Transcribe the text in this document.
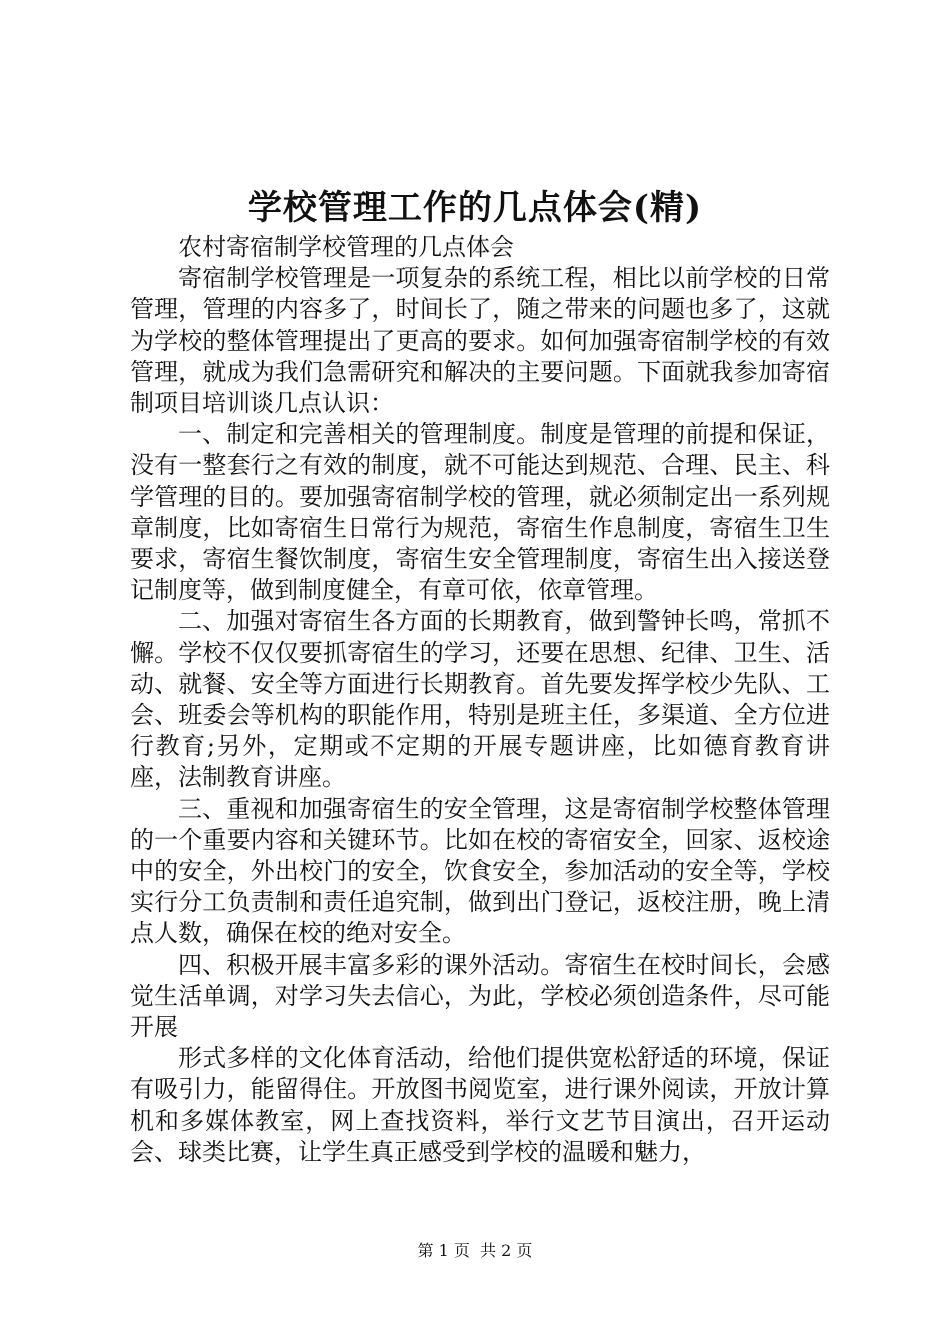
学校管理工作的几点体会(精)

农村寄宿制学校管理的几点体会

寄宿制学校管理是一项复杂的系统工程，相比以前学校的日常管理，管理的内容多了，时间长了，随之带来的问题也多了，这就为学校的整体管理提出了更高的要求。如何加强寄宿制学校的有效管理，就成为我们急需研究和解决的主要问题。下面就我参加寄宿制项目培训谈几点认识：

一、制定和完善相关的管理制度。制度是管理的前提和保证，没有一整套行之有效的制度，就不可能达到规范、合理、民主、科学管理的目的。要加强寄宿制学校的管理，就必须制定出一系列规章制度，比如寄宿生日常行为规范，寄宿生作息制度，寄宿生卫生要求，寄宿生餐饮制度，寄宿生安全管理制度，寄宿生出入接送登记制度等，做到制度健全，有章可依，依章管理。

二、加强对寄宿生各方面的长期教育，做到警钟长鸣，常抓不懈。学校不仅仅要抓寄宿生的学习，还要在思想、纪律、卫生、活动、就餐、安全等方面进行长期教育。首先要发挥学校少先队、工会、班委会等机构的职能作用，特别是班主任，多渠道、全方位进行教育;另外，定期或不定期的开展专题讲座，比如德育教育讲座，法制教育讲座。

三、重视和加强寄宿生的安全管理，这是寄宿制学校整体管理的一个重要内容和关键环节。比如在校的寄宿安全，回家、返校途中的安全，外出校门的安全，饮食安全，参加活动的安全等，学校实行分工负责制和责任追究制，做到出门登记，返校注册，晚上清点人数，确保在校的绝对安全。

四、积极开展丰富多彩的课外活动。寄宿生在校时间长，会感觉生活单调，对学习失去信心，为此，学校必须创造条件，尽可能开展

形式多样的文化体育活动，给他们提供宽松舒适的环境，保证有吸引力，能留得住。开放图书阅览室，进行课外阅读，开放计算机和多媒体教室，网上查找资料，举行文艺节目演出，召开运动会、球类比赛，让学生真正感受到学校的温暖和魅力，

第 1 页  共 2 页
